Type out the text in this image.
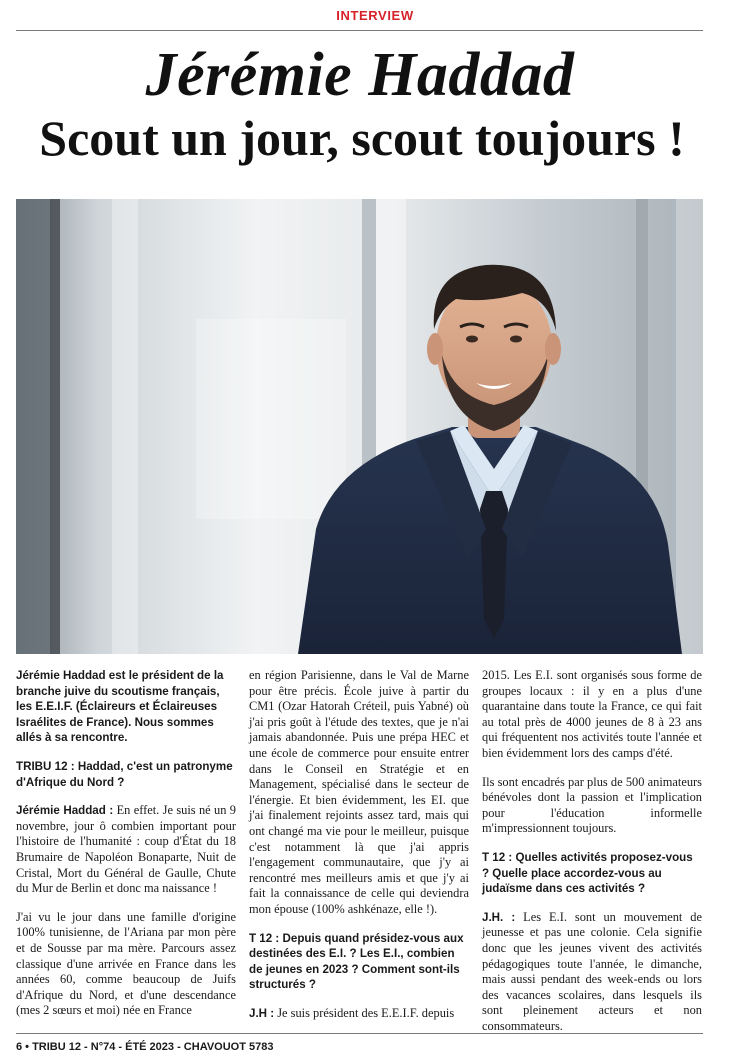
INTERVIEW
Jérémie Haddad
Scout un jour, scout toujours !

Jérémie Haddad est le président de la branche juive du scoutisme français, les E.E.I.F. (Éclaireurs et Éclaireuses Israélites de France). Nous sommes allés à sa rencontre.

TRIBU 12 : Haddad, c'est un patronyme d'Afrique du Nord ?

Jérémie Haddad : En effet. Je suis né un 9 novembre, jour ô combien important pour l'histoire de l'humanité : coup d'État du 18 Brumaire de Napoléon Bonaparte, Nuit de Cristal, Mort du Général de Gaulle, Chute du Mur de Berlin et donc ma naissance !

J'ai vu le jour dans une famille d'origine 100% tunisienne, de l'Ariana par mon père et de Sousse par ma mère. Parcours assez classique d'une arrivée en France dans les années 60, comme beaucoup de Juifs d'Afrique du Nord, et d'une descendance (mes 2 sœurs et moi) née en France

en région Parisienne, dans le Val de Marne pour être précis. École juive à partir du CM1 (Ozar Hatorah Créteil, puis Yabné) où j'ai pris goût à l'étude des textes, que je n'ai jamais abandonnée. Puis une prépa HEC et une école de commerce pour ensuite entrer dans le Conseil en Stratégie et en Management, spécialisé dans le secteur de l'énergie. Et bien évidemment, les EI. que j'ai finalement rejoints assez tard, mais qui ont changé ma vie pour le meilleur, puisque c'est notamment là que j'ai appris l'engagement communautaire, que j'y ai rencontré mes meilleurs amis et que j'y ai fait la connaissance de celle qui deviendra mon épouse (100% ashkénaze, elle !).

T 12 : Depuis quand présidez-vous aux destinées des E.I. ? Les E.I., combien de jeunes en 2023 ? Comment sont-ils structurés ?

J.H : Je suis président des E.E.I.F. depuis

2015. Les E.I. sont organisés sous forme de groupes locaux : il y en a plus d'une quarantaine dans toute la France, ce qui fait au total près de 4000 jeunes de 8 à 23 ans qui fréquentent nos activités toute l'année et bien évidemment lors des camps d'été.

Ils sont encadrés par plus de 500 animateurs bénévoles dont la passion et l'implication pour l'éducation informelle m'impressionnent toujours.

T 12 : Quelles activités proposez-vous ? Quelle place accordez-vous au judaïsme dans ces activités ?

J.H. : Les E.I. sont un mouvement de jeunesse et pas une colonie. Cela signifie donc que les jeunes vivent des activités pédagogiques toute l'année, le dimanche, mais aussi pendant des week-ends ou lors des vacances scolaires, dans lesquels ils sont pleinement acteurs et non consommateurs.

6 • TRIBU 12 - N°74 - ÉTÉ 2023 - CHAVOUOT 5783
